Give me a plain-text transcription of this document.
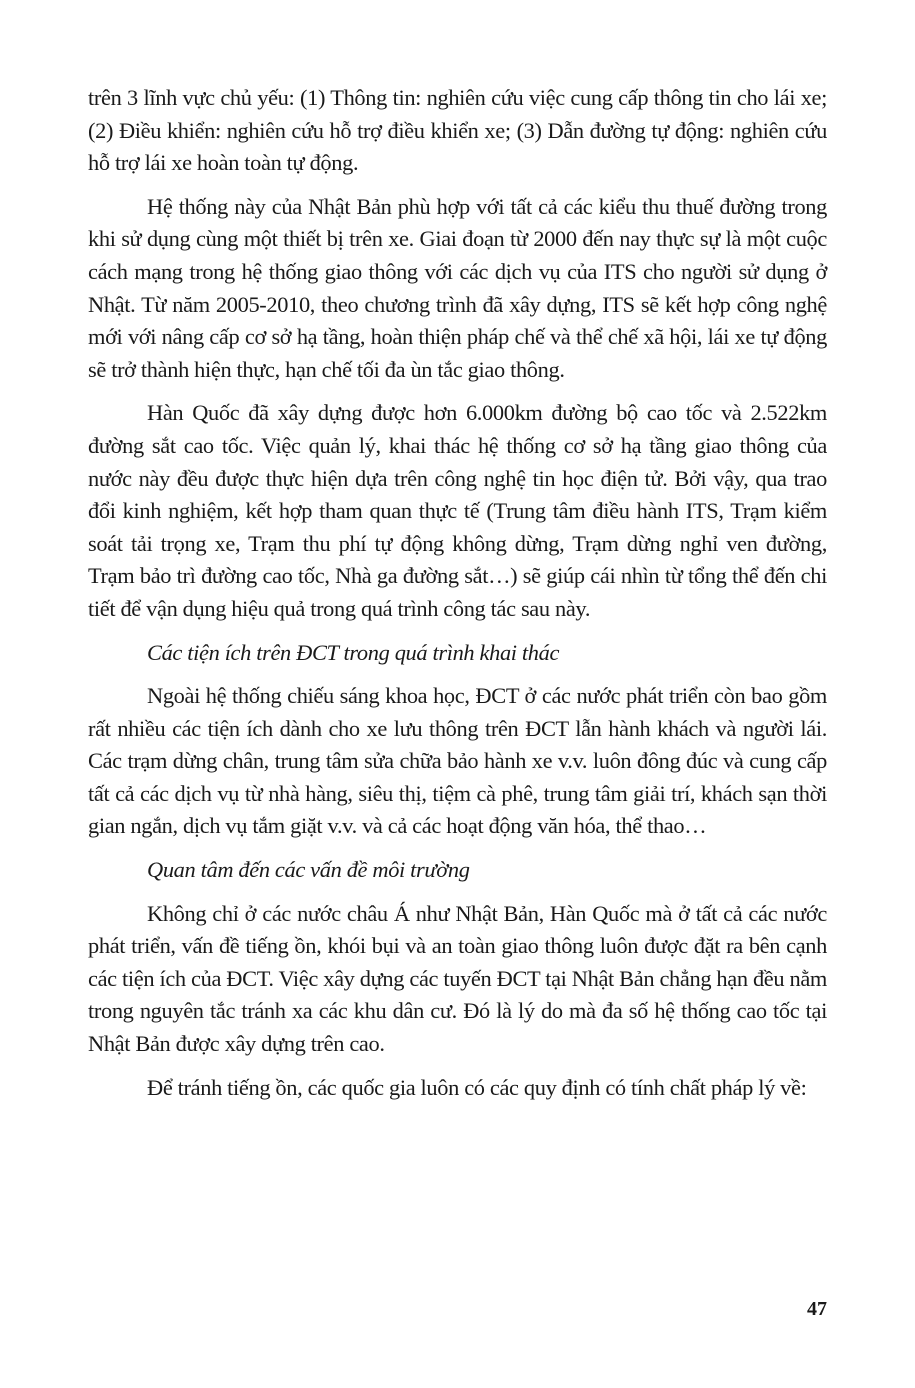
trên 3 lĩnh vực chủ yếu: (1) Thông tin: nghiên cứu việc cung cấp thông tin cho lái xe; (2) Điều khiển: nghiên cứu hỗ trợ điều khiển xe; (3) Dẫn đường tự động: nghiên cứu hỗ trợ lái xe hoàn toàn tự động.

Hệ thống này của Nhật Bản phù hợp với tất cả các kiểu thu thuế đường trong khi sử dụng cùng một thiết bị trên xe. Giai đoạn từ 2000 đến nay thực sự là một cuộc cách mạng trong hệ thống giao thông với các dịch vụ của ITS cho người sử dụng ở Nhật. Từ năm 2005-2010, theo chương trình đã xây dựng, ITS sẽ kết hợp công nghệ mới với nâng cấp cơ sở hạ tầng, hoàn thiện pháp chế và thể chế xã hội, lái xe tự động sẽ trở thành hiện thực, hạn chế tối đa ùn tắc giao thông.

Hàn Quốc đã xây dựng được hơn 6.000km đường bộ cao tốc và 2.522km đường sắt cao tốc. Việc quản lý, khai thác hệ thống cơ sở hạ tầng giao thông của nước này đều được thực hiện dựa trên công nghệ tin học điện tử. Bởi vậy, qua trao đổi kinh nghiệm, kết hợp tham quan thực tế (Trung tâm điều hành ITS, Trạm kiểm soát tải trọng xe, Trạm thu phí tự động không dừng, Trạm dừng nghỉ ven đường, Trạm bảo trì đường cao tốc, Nhà ga đường sắt…) sẽ giúp cái nhìn từ tổng thể đến chi tiết để vận dụng hiệu quả trong quá trình công tác sau này.

Các tiện ích trên ĐCT trong quá trình khai thác

Ngoài hệ thống chiếu sáng khoa học, ĐCT ở các nước phát triển còn bao gồm rất nhiều các tiện ích dành cho xe lưu thông trên ĐCT lẫn hành khách và người lái. Các trạm dừng chân, trung tâm sửa chữa bảo hành xe v.v. luôn đông đúc và cung cấp tất cả các dịch vụ từ nhà hàng, siêu thị, tiệm cà phê, trung tâm giải trí, khách sạn thời gian ngắn, dịch vụ tắm giặt v.v. và cả các hoạt động văn hóa, thể thao…

Quan tâm đến các vấn đề môi trường

Không chỉ ở các nước châu Á như Nhật Bản, Hàn Quốc mà ở tất cả các nước phát triển, vấn đề tiếng ồn, khói bụi và an toàn giao thông luôn được đặt ra bên cạnh các tiện ích của ĐCT. Việc xây dựng các tuyến ĐCT tại Nhật Bản chẳng hạn đều nằm trong nguyên tắc tránh xa các khu dân cư. Đó là lý do mà đa số hệ thống cao tốc tại Nhật Bản được xây dựng trên cao.

Để tránh tiếng ồn, các quốc gia luôn có các quy định có tính chất pháp lý về:

47
